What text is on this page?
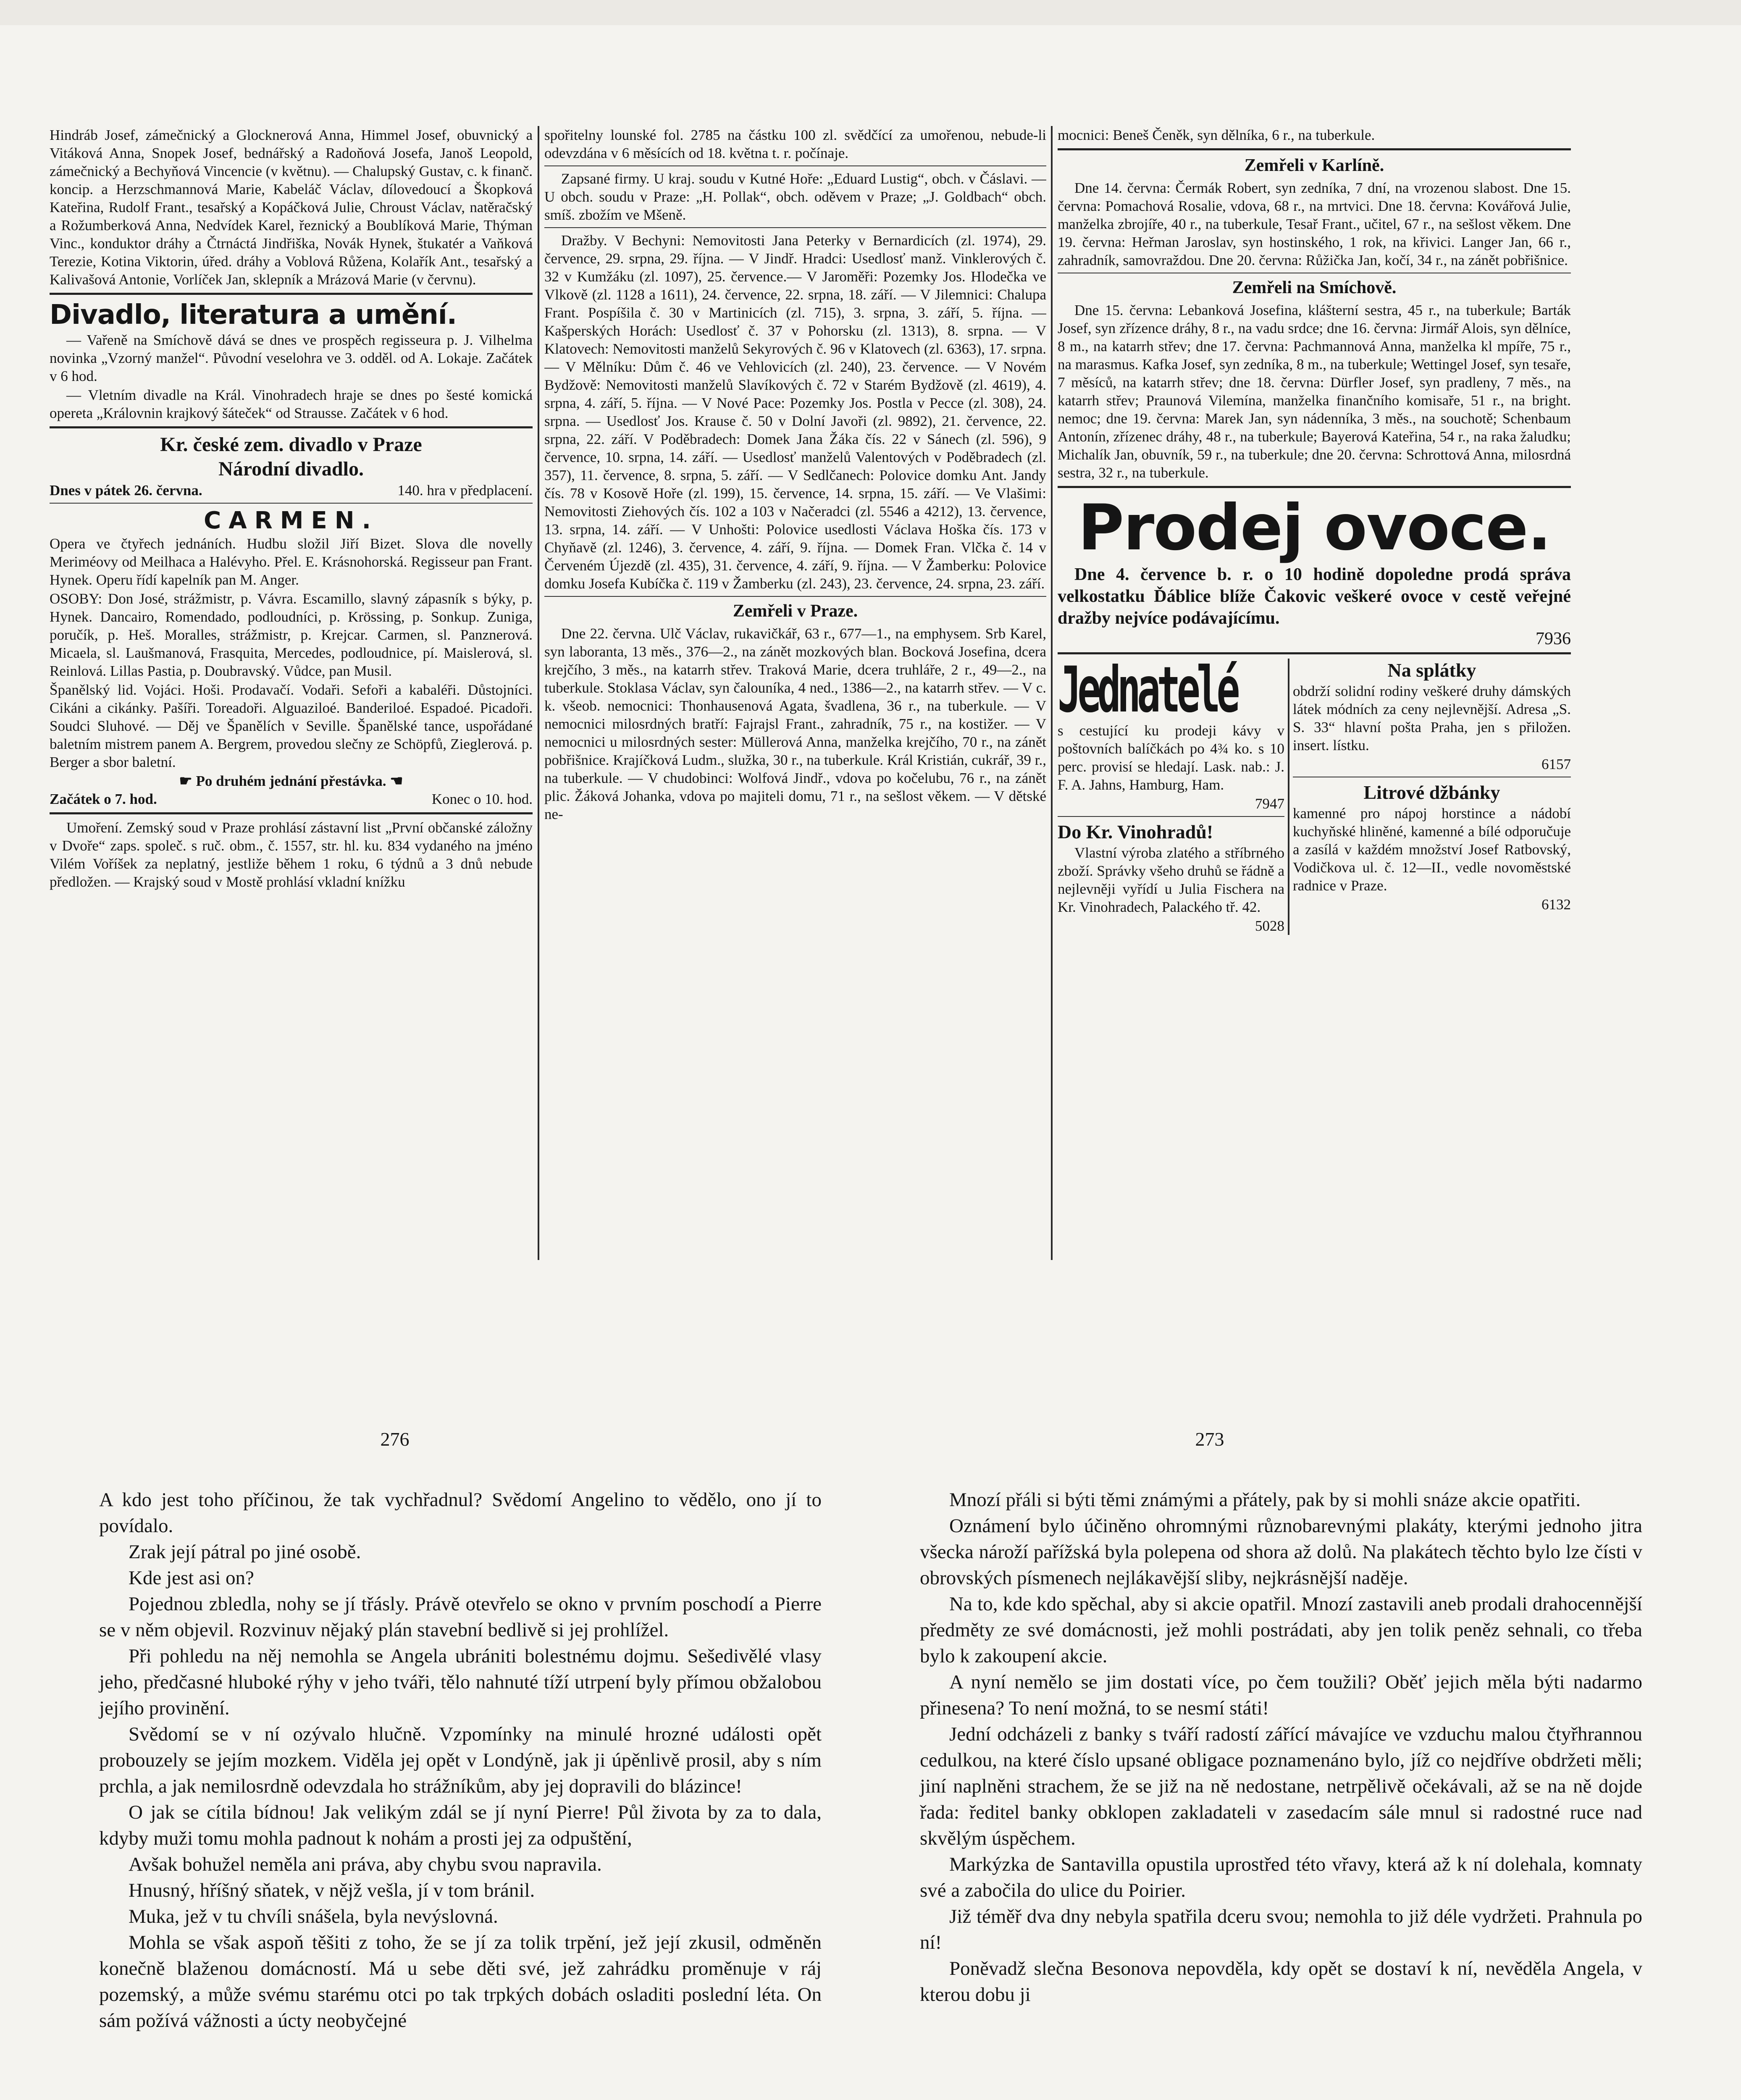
Hindráb Josef, zámečnický a Glocknerová Anna, Himmel Josef, obuvnický a Vitáková Anna, Snopek Josef, bednářský a Radoňová Josefa, Janoš Leopold, zámečnický a Bechyňová Vincencie (v květnu). — Chalupský Gustav, c. k finanč. koncip. a Herzschmannová Marie, Kabeláč Václav, dílovedoucí a Škopková Kateřina, Rudolf Frant., tesařský a Kopáčková Julie, Chroust Václav, natěračský a Rožumberková Anna, Nedvídek Karel, řeznický a Boublíková Marie, Thýman Vinc., konduktor dráhy a Čtrnáctá Jindřiška, Novák Hynek, štukatér a Vaňková Terezie, Kotina Viktorin, úřed. dráhy a Voblová Růžena, Kolařík Ant., tesařský a Kalivašová Antonie, Vorlíček Jan, sklepník a Mrázová Marie (v červnu).

Divadlo, literatura a umění.

— Vařeně na Smíchově dává se dnes ve prospěch regisseura p. J. Vilhelma novinka „Vzorný manžel“. Původní veselohra ve 3. odděl. od A. Lokaje. Začátek v 6 hod.

— Vletním divadle na Král. Vinohradech hraje se dnes po šesté komická opereta „Královnin krajkový šáteček“ od Strausse. Začátek v 6 hod.

Kr. české zem. divadlo v Praze
Národní divadlo.
Dnes v pátek 26. června.	140. hra v předplacení.
CARMEN.

Opera ve čtyřech jednáních. Hudbu složil Jiří Bizet. Slova dle novelly Meriméovy od Meilhaca a Halévyho. Přel. E. Krásnohorská. Regisseur pan Frant. Hynek. Operu řídí kapelník pan M. Anger.

OSOBY: Don José, strážmistr, p. Vávra. Escamillo, slavný zápasník s býky, p. Hynek. Dancairo, Romendado, podloudníci, p. Krössing, p. Sonkup. Zuniga, poručík, p. Heš. Moralles, strážmistr, p. Krejcar. Carmen, sl. Panznerová. Micaela, sl. Laušmanová, Frasquita, Mercedes, podloudnice, pí. Maislerová, sl. Reinlová. Lillas Pastia, p. Doubravský. Vůdce, pan Musil.

Španělský lid. Vojáci. Hoši. Prodavačí. Vodaři. Sefoři a kabaléři. Důstojníci. Cikáni a cikánky. Pašíři. Toreadoři. Alguaziloé. Banderiloé. Espadoé. Picadoři. Soudci Sluhové. — Děj ve Španělích v Seville. Španělské tance, uspořádané baletním mistrem panem A. Bergrem, provedou slečny ze Schöpfů, Zieglerová. p. Berger a sbor baletní.

☛ Po druhém jednání přestávka. ☚
Začátek o 7. hod.	Konec o 10. hod.

Umoření. Zemský soud v Praze prohlásí zástavní list „První občanské záložny v Dvoře“ zaps. společ. s ruč. obm., č. 1557, str. hl. ku. 834 vydaného na jméno Vilém Voříšek za neplatný, jestliže během 1 roku, 6 týdnů a 3 dnů nebude předložen. — Krajský soud v Mostě prohlásí vkladní knížku

spořitelny lounské fol. 2785 na částku 100 zl. svědčící za umořenou, nebude-li odevzdána v 6 měsících od 18. května t. r. počínaje.

Zapsané firmy. U kraj. soudu v Kutné Hoře: „Eduard Lustig“, obch. v Čáslavi. — U obch. soudu v Praze: „H. Pollak“, obch. oděvem v Praze; „J. Goldbach“ obch. smíš. zbožím ve Mšeně.

Dražby. V Bechyni: Nemovitosti Jana Peterky v Bernardicích (zl. 1974), 29. července, 29. srpna, 29. října. — V Jindř. Hradci: Usedlosť manž. Vinklerových č. 32 v Kumžáku (zl. 1097), 25. července.— V Jaroměři: Pozemky Jos. Hlodečka ve Vlkově (zl. 1128 a 1611), 24. července, 22. srpna, 18. září. — V Jilemnici: Chalupa Frant. Pospíšila č. 30 v Martinicích (zl. 715), 3. srpna, 3. září, 5. října. — Kašperských Horách: Usedlosť č. 37 v Pohorsku (zl. 1313), 8. srpna. — V Klatovech: Nemovitosti manželů Sekyrových č. 96 v Klatovech (zl. 6363), 17. srpna. — V Mělníku: Dům č. 46 ve Vehlovicích (zl. 240), 23. července. — V Novém Bydžově: Nemovitosti manželů Slavíkových č. 72 v Starém Bydžově (zl. 4619), 4. srpna, 4. září, 5. října. — V Nové Pace: Pozemky Jos. Postla v Pecce (zl. 308), 24. srpna. — Usedlosť Jos. Krause č. 50 v Dolní Javoři (zl. 9892), 21. července, 22. srpna, 22. září. V Poděbradech: Domek Jana Žáka čís. 22 v Sánech (zl. 596), 9 července, 10. srpna, 14. září. — Usedlosť manželů Valentových v Poděbradech (zl. 357), 11. července, 8. srpna, 5. září. — V Sedlčanech: Polovice domku Ant. Jandy čís. 78 v Kosově Hoře (zl. 199), 15. července, 14. srpna, 15. září. — Ve Vlašimi: Nemovitosti Ziehových čís. 102 a 103 v Načeradci (zl. 5546 a 4212), 13. července, 13. srpna, 14. září. — V Unhošti: Polovice usedlosti Václava Hoška čís. 173 v Chyňavě (zl. 1246), 3. července, 4. září, 9. října. — Domek Fran. Vlčka č. 14 v Červeném Újezdě (zl. 435), 31. července, 4. září, 9. října. — V Žamberku: Polovice domku Josefa Kubíčka č. 119 v Žamberku (zl. 243), 23. července, 24. srpna, 23. září.

Zemřeli v Praze.

Dne 22. června. Ulč Václav, rukavičkář, 63 r., 677—1., na emphysem. Srb Karel, syn laboranta, 13 měs., 376—2., na zánět mozkových blan. Bocková Josefina, dcera krejčího, 3 měs., na katarrh střev. Traková Marie, dcera truhláře, 2 r., 49—2., na tuberkule. Stoklasa Václav, syn čalouníka, 4 ned., 1386—2., na katarrh střev. — V c. k. všeob. nemocnici: Thonhausenová Agata, švadlena, 36 r., na tuberkule. — V nemocnici milosrdných bratří: Fajrajsl Frant., zahradník, 75 r., na kostižer. — V nemocnici u milosrdných sester: Müllerová Anna, manželka krejčího, 70 r., na zánět pobřišnice. Krajíčková Ludm., služka, 30 r., na tuberkule. Král Kristián, cukrář, 39 r., na tuberkule. — V chudobinci: Wolfová Jindř., vdova po kočelubu, 76 r., na zánět plic. Žáková Johanka, vdova po majiteli domu, 71 r., na sešlost věkem. — V dětské ne-

mocnici: Beneš Čeněk, syn dělníka, 6 r., na tuberkule.

Zemřeli v Karlíně.

Dne 14. června: Čermák Robert, syn zedníka, 7 dní, na vrozenou slabost. Dne 15. června: Pomachová Rosalie, vdova, 68 r., na mrtvici. Dne 18. června: Kovářová Julie, manželka zbrojíře, 40 r., na tuberkule, Tesař Frant., učitel, 67 r., na sešlost věkem. Dne 19. června: Heřman Jaroslav, syn hostinského, 1 rok, na křivici. Langer Jan, 66 r., zahradník, samovraždou. Dne 20. června: Růžička Jan, kočí, 34 r., na zánět pobřišnice.

Zemřeli na Smíchově.

Dne 15. června: Lebanková Josefina, klášterní sestra, 45 r., na tuberkule; Barták Josef, syn zřízence dráhy, 8 r., na vadu srdce; dne 16. června: Jirmář Alois, syn dělníce, 8 m., na katarrh střev; dne 17. června: Pachmannová Anna, manželka kl mpíře, 75 r., na marasmus. Kafka Josef, syn zedníka, 8 m., na tuberkule; Wettingel Josef, syn tesaře, 7 měsíců, na katarrh střev; dne 18. června: Dürfler Josef, syn pradleny, 7 měs., na katarrh střev; Praunová Vilemína, manželka finančního komisaře, 51 r., na bright. nemoc; dne 19. června: Marek Jan, syn nádenníka, 3 měs., na souchotě; Schenbaum Antonín, zřízenec dráhy, 48 r., na tuberkule; Bayerová Kateřina, 54 r., na raka žaludku; Michalík Jan, obuvník, 59 r., na tuberkule; dne 20. června: Schrottová Anna, milosrdná sestra, 32 r., na tuberkule.

Prodej ovoce.

Dne 4. července b. r. o 10 hodině dopoledne prodá správa velkostatku Ďáblice blíže Čakovic veškeré ovoce v cestě veřejné dražby nejvíce podávajícímu.

7936
Jednatelé

s cestující ku prodeji kávy v poštovních balíčkách po 4¾ ko. s 10 perc. provisí se hledají. Lask. nab.: J. F. A. Jahns, Hamburg, Ham.

7947
Do Kr. Vinohradů!

Vlastní výroba zlatého a stříbrného zboží. Správky všeho druhů se řádně a nejlevněji vyřídí u Julia Fischera na Kr. Vinohradech, Palackého tř. 42.

5028
Na splátky

obdrží solidní rodiny veškeré druhy dámských látek módních za ceny nejlevnější. Adresa „S. S. 33“ hlavní pošta Praha, jen s přiložen. insert. lístku.

6157
Litrové džbánky

kamenné pro nápoj horstince a nádobí kuchyňské hliněné, kamenné a bílé odporučuje a zasílá v každém množství Josef Ratbovský, Vodičkova ul. č. 12—II., vedle novoměstské radnice v Praze.

6132
276	273

A kdo jest toho příčinou, že tak vychřadnul? Svědomí Angelino to vědělo, ono jí to povídalo.

Zrak její pátral po jiné osobě.

Kde jest asi on?

Pojednou zbledla, nohy se jí třásly. Právě otevřelo se okno v prvním poschodí a Pierre se v něm objevil. Rozvinuv nějaký plán stavební bedlivě si jej prohlížel.

Při pohledu na něj nemohla se Angela ubrániti bolestnému dojmu. Sešedivělé vlasy jeho, předčasné hluboké rýhy v jeho tváři, tělo nahnuté tíží utrpení byly přímou obžalobou jejího provinění.

Svědomí se v ní ozývalo hlučně. Vzpomínky na minulé hrozné události opět probouzely se jejím mozkem. Viděla jej opět v Londýně, jak ji úpěnlivě prosil, aby s ním prchla, a jak nemilosrdně odevzdala ho strážníkům, aby jej dopravili do blázince!

O jak se cítila bídnou! Jak velikým zdál se jí nyní Pierre! Půl života by za to dala, kdyby muži tomu mohla padnout k nohám a prosti jej za odpuštění,

Avšak bohužel neměla ani práva, aby chybu svou napravila.

Hnusný, hříšný sňatek, v nějž vešla, jí v tom bránil.

Muka, jež v tu chvíli snášela, byla nevýslovná.

Mohla se však aspoň těšiti z toho, že se jí za tolik trpění, jež její zkusil, odměněn konečně blaženou domácností. Má u sebe děti své, jež zahrádku proměnuje v ráj pozemský, a může svému starému otci po tak trpkých dobách osladiti poslední léta. On sám požívá vážnosti a úcty neobyčejné

Mnozí přáli si býti těmi známými a přátely, pak by si mohli snáze akcie opatřiti.

Oznámení bylo účiněno ohromnými různobarevnými plakáty, kterými jednoho jitra všecka nároží pařížská byla polepena od shora až dolů. Na plakátech těchto bylo lze čísti v obrovských písmenech nejlákavější sliby, nejkrásnější naděje.

Na to, kde kdo spěchal, aby si akcie opatřil. Mnozí zastavili aneb prodali drahocennější předměty ze své domácnosti, jež mohli postrádati, aby jen tolik peněz sehnali, co třeba bylo k zakoupení akcie.

A nyní nemělo se jim dostati více, po čem toužili? Oběť jejich měla býti nadarmo přinesena? To není možná, to se nesmí státi!

Jední odcházeli z banky s tváří radostí zářící mávajíce ve vzduchu malou čtyřhrannou cedulkou, na které číslo upsané obligace poznamenáno bylo, jíž co nejdříve obdržeti měli; jiní naplněni strachem, že se již na ně nedostane, netrpělivě očekávali, až se na ně dojde řada: ředitel banky obklopen zakladateli v zasedacím sále mnul si radostné ruce nad skvělým úspěchem.

Markýzka de Santavilla opustila uprostřed této vřavy, která až k ní dolehala, komnaty své a zabočila do ulice du Poirier.

Již téměř dva dny nebyla spatřila dceru svou; nemohla to již déle vydržeti. Prahnula po ní!

Poněvadž slečna Besonova nepovděla, kdy opět se dostaví k ní, nevěděla Angela, v kterou dobu ji
